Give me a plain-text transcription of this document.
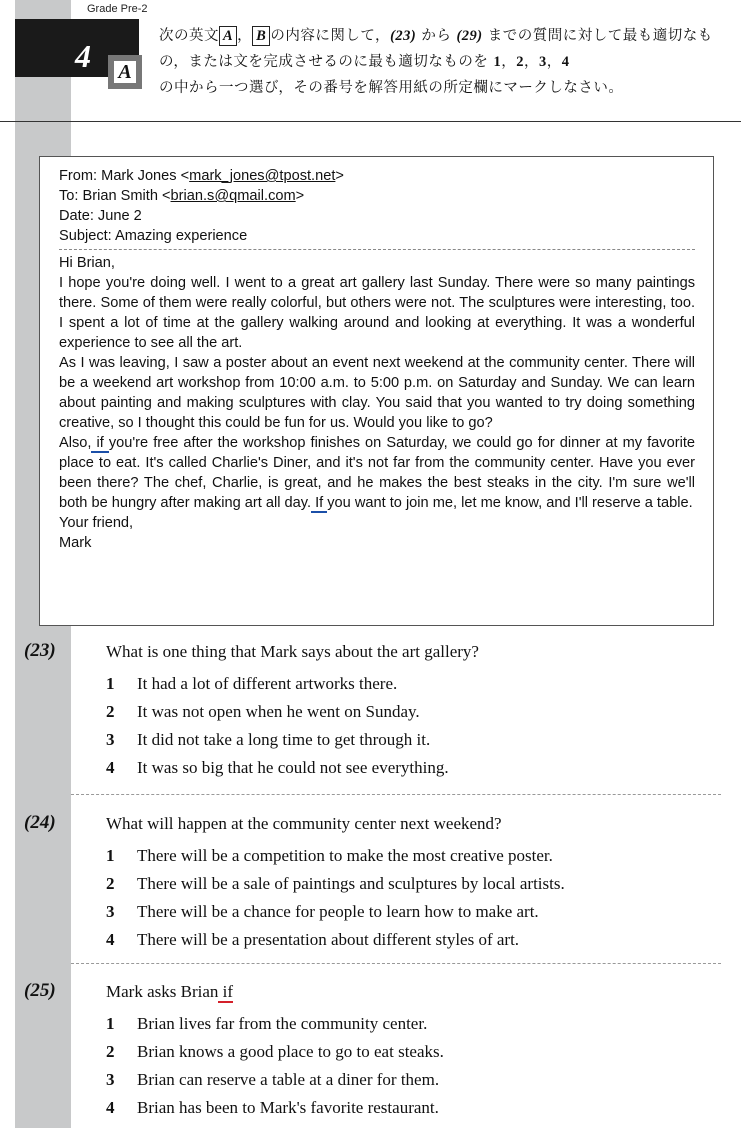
Grade Pre-2
4	A
次の英文 A ， B の内容に関して，(23) から (29) までの質問に対して最も適切なもの，または文を完成させるのに最も適切なものを 1，2，3，4
の中から一つ選び，その番号を解答用紙の所定欄にマークしなさい。
From: Mark Jones <mark_jones@tpost.net>
To: Brian Smith <brian.s@qmail.com>
Date: June 2
Subject: Amazing experience
Hi Brian,
I hope you're doing well. I went to a great art gallery last Sunday. There were so many paintings there. Some of them were really colorful, but others were not. The sculptures were interesting, too. I spent a lot of time at the gallery walking around and looking at everything. It was a wonderful experience to see all the art.
As I was leaving, I saw a poster about an event next weekend at the community center. There will be a weekend art workshop from 10:00 a.m. to 5:00 p.m. on Saturday and Sunday. We can learn about painting and making sculptures with clay. You said that you wanted to try doing something creative, so I thought this could be fun for us. Would you like to go?
Also, if you're free after the workshop finishes on Saturday, we could go for dinner at my favorite place to eat. It's called Charlie's Diner, and it's not far from the community center. Have you ever been there? The chef, Charlie, is great, and he makes the best steaks in the city. I'm sure we'll both be hungry after making art all day. If you want to join me, let me know, and I'll reserve a table.
Your friend,
Mark
(23)	What is one thing that Mark says about the art gallery?
1 It had a lot of different artworks there.
2 It was not open when he went on Sunday.
3 It did not take a long time to get through it.
4 It was so big that he could not see everything.
(24)	What will happen at the community center next weekend?
1 There will be a competition to make the most creative poster.
2 There will be a sale of paintings and sculptures by local artists.
3 There will be a chance for people to learn how to make art.
4 There will be a presentation about different styles of art.
(25)	Mark asks Brian if
1 Brian lives far from the community center.
2 Brian knows a good place to go to eat steaks.
3 Brian can reserve a table at a diner for them.
4 Brian has been to Mark's favorite restaurant.
